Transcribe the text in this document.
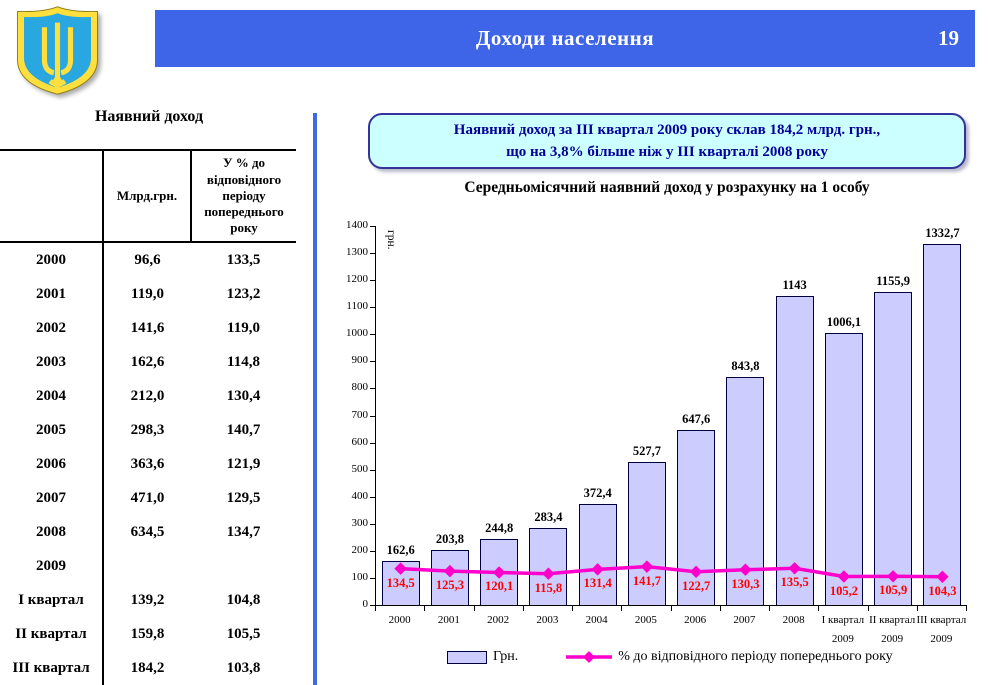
Доходи населення	19
Наявний доход
	Млрд.грн.	У % до відповідного періоду попереднього року
2000	96,6	133,5
2001	119,0	123,2
2002	141,6	119,0
2003	162,6	114,8
2004	212,0	130,4
2005	298,3	140,7
2006	363,6	121,9
2007	471,0	129,5
2008	634,5	134,7
2009		
І квартал	139,2	104,8
ІІ квартал	159,8	105,5
ІІІ квартал	184,2	103,8
Наявний доход за ІІІ квартал 2009 року склав 184,2 млрд. грн.,
що на 3,8% більше ніж у ІІІ кварталі 2008 року
Середньомісячний наявний доход у розрахунку на 1 особу
грн.
162,6
134,5
203,8
125,3
244,8
120,1
283,4
115,8
372,4
131,4
527,7
141,7
647,6
122,7
843,8
130,3
1143
135,5
1006,1
105,2
1155,9
105,9
1332,7
104,3
Грн.	% до відповідного періоду попереднього року
0
100
200
300
400
500
600
700
800
900
1000
1100
1200
1300
1400
2000	2001	2002	2003	2004	2005	2006	2007	2008	І квартал
2009
ІІ квартал
2009
ІІІ квартал
2009
